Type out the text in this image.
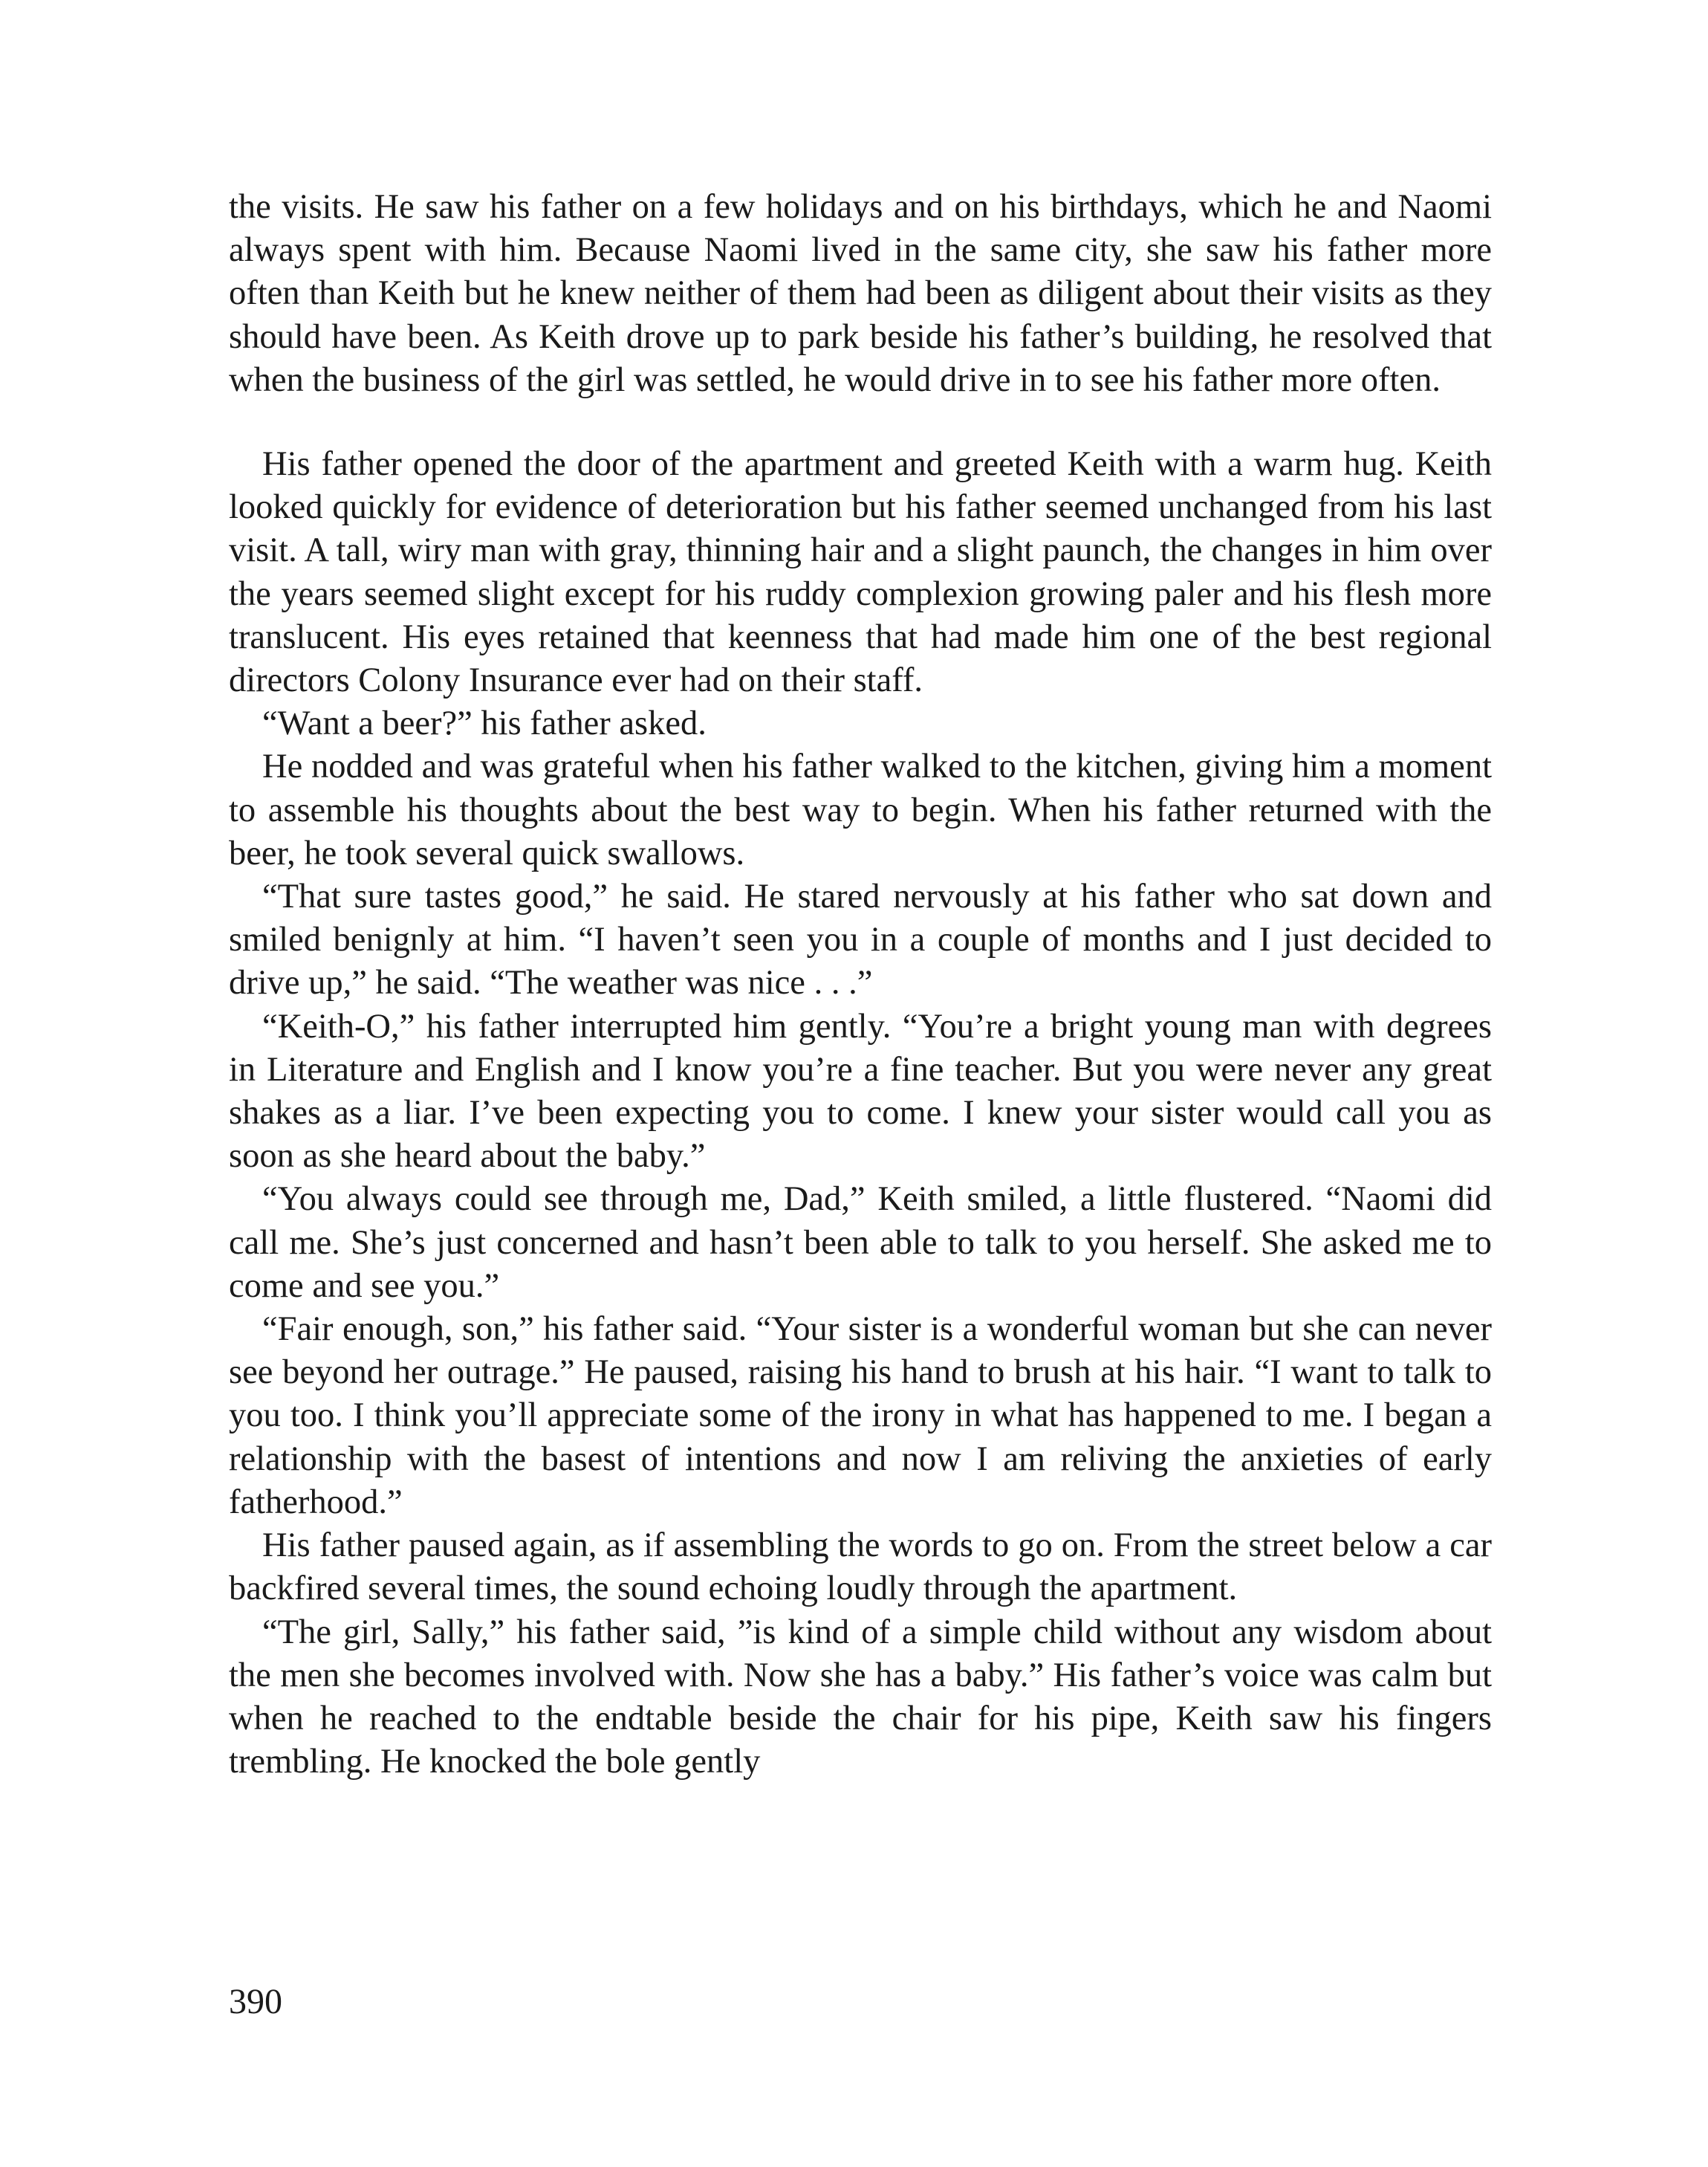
the visits. He saw his father on a few holidays and on his birthdays, which he and Naomi always spent with him. Because Naomi lived in the same city, she saw his father more often than Keith but he knew neither of them had been as diligent about their visits as they should have been. As Keith drove up to park beside his father’s building, he resolved that when the business of the girl was settled, he would drive in to see his father more often.

His father opened the door of the apartment and greeted Keith with a warm hug. Keith looked quickly for evidence of deterioration but his father seemed unchanged from his last visit. A tall, wiry man with gray, thinning hair and a slight paunch, the changes in him over the years seemed slight except for his ruddy complexion growing paler and his flesh more translucent. His eyes retained that keenness that had made him one of the best regional directors Colony Insurance ever had on their staff.

“Want a beer?” his father asked.

He nodded and was grateful when his father walked to the kitchen, giving him a moment to assemble his thoughts about the best way to begin. When his father returned with the beer, he took several quick swallows.

“That sure tastes good,” he said. He stared nervously at his father who sat down and smiled benignly at him. “I haven’t seen you in a couple of months and I just decided to drive up,” he said. “The weather was nice . . .”

“Keith-O,” his father interrupted him gently. “You’re a bright young man with degrees in Literature and English and I know you’re a fine teacher. But you were never any great shakes as a liar. I’ve been expecting you to come. I knew your sister would call you as soon as she heard about the baby.”

“You always could see through me, Dad,” Keith smiled, a little flustered. “Naomi did call me. She’s just concerned and hasn’t been able to talk to you herself. She asked me to come and see you.”

“Fair enough, son,” his father said. “Your sister is a wonderful woman but she can never see beyond her outrage.” He paused, raising his hand to brush at his hair. “I want to talk to you too. I think you’ll appreciate some of the irony in what has happened to me. I began a relationship with the basest of intentions and now I am reliving the anxieties of early fatherhood.”

His father paused again, as if assembling the words to go on. From the street below a car backfired several times, the sound echoing loudly through the apartment.

“The girl, Sally,” his father said, ”is kind of a simple child without any wisdom about the men she becomes involved with. Now she has a baby.” His father’s voice was calm but when he reached to the endtable beside the chair for his pipe, Keith saw his fingers trembling. He knocked the bole gently

390
